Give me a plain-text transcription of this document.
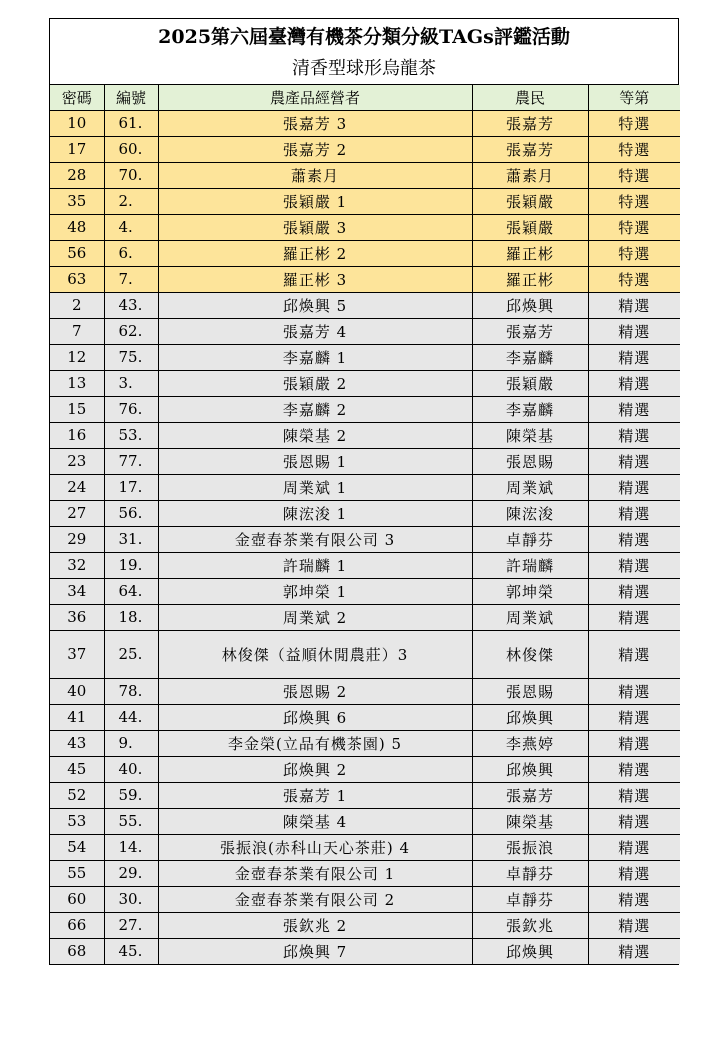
2025第六屆臺灣有機茶分類分級TAGs評鑑活動
清香型球形烏龍茶
密碼	編號	農產品經營者	農民	等第
10	61.	張嘉芳 3	張嘉芳	特選
17	60.	張嘉芳 2	張嘉芳	特選
28	70.	蕭素月	蕭素月	特選
35	2.	張穎嚴 1	張穎嚴	特選
48	4.	張穎嚴 3	張穎嚴	特選
56	6.	羅正彬 2	羅正彬	特選
63	7.	羅正彬 3	羅正彬	特選
2	43.	邱煥興 5	邱煥興	精選
7	62.	張嘉芳 4	張嘉芳	精選
12	75.	李嘉麟 1	李嘉麟	精選
13	3.	張穎嚴 2	張穎嚴	精選
15	76.	李嘉麟 2	李嘉麟	精選
16	53.	陳榮基 2	陳榮基	精選
23	77.	張恩賜 1	張恩賜	精選
24	17.	周業斌 1	周業斌	精選
27	56.	陳浤浚 1	陳浤浚	精選
29	31.	金壺春茶業有限公司 3	卓靜芬	精選
32	19.	許瑞麟 1	許瑞麟	精選
34	64.	郭坤榮 1	郭坤榮	精選
36	18.	周業斌 2	周業斌	精選
37	25.	林俊傑（益順休閒農莊）3	林俊傑	精選
40	78.	張恩賜 2	張恩賜	精選
41	44.	邱煥興 6	邱煥興	精選
43	9.	李金榮(立品有機茶園) 5	李燕婷	精選
45	40.	邱煥興 2	邱煥興	精選
52	59.	張嘉芳 1	張嘉芳	精選
53	55.	陳榮基 4	陳榮基	精選
54	14.	張振浪(赤科山天心茶莊) 4	張振浪	精選
55	29.	金壺春茶業有限公司 1	卓靜芬	精選
60	30.	金壺春茶業有限公司 2	卓靜芬	精選
66	27.	張欽兆 2	張欽兆	精選
68	45.	邱煥興 7	邱煥興	精選
